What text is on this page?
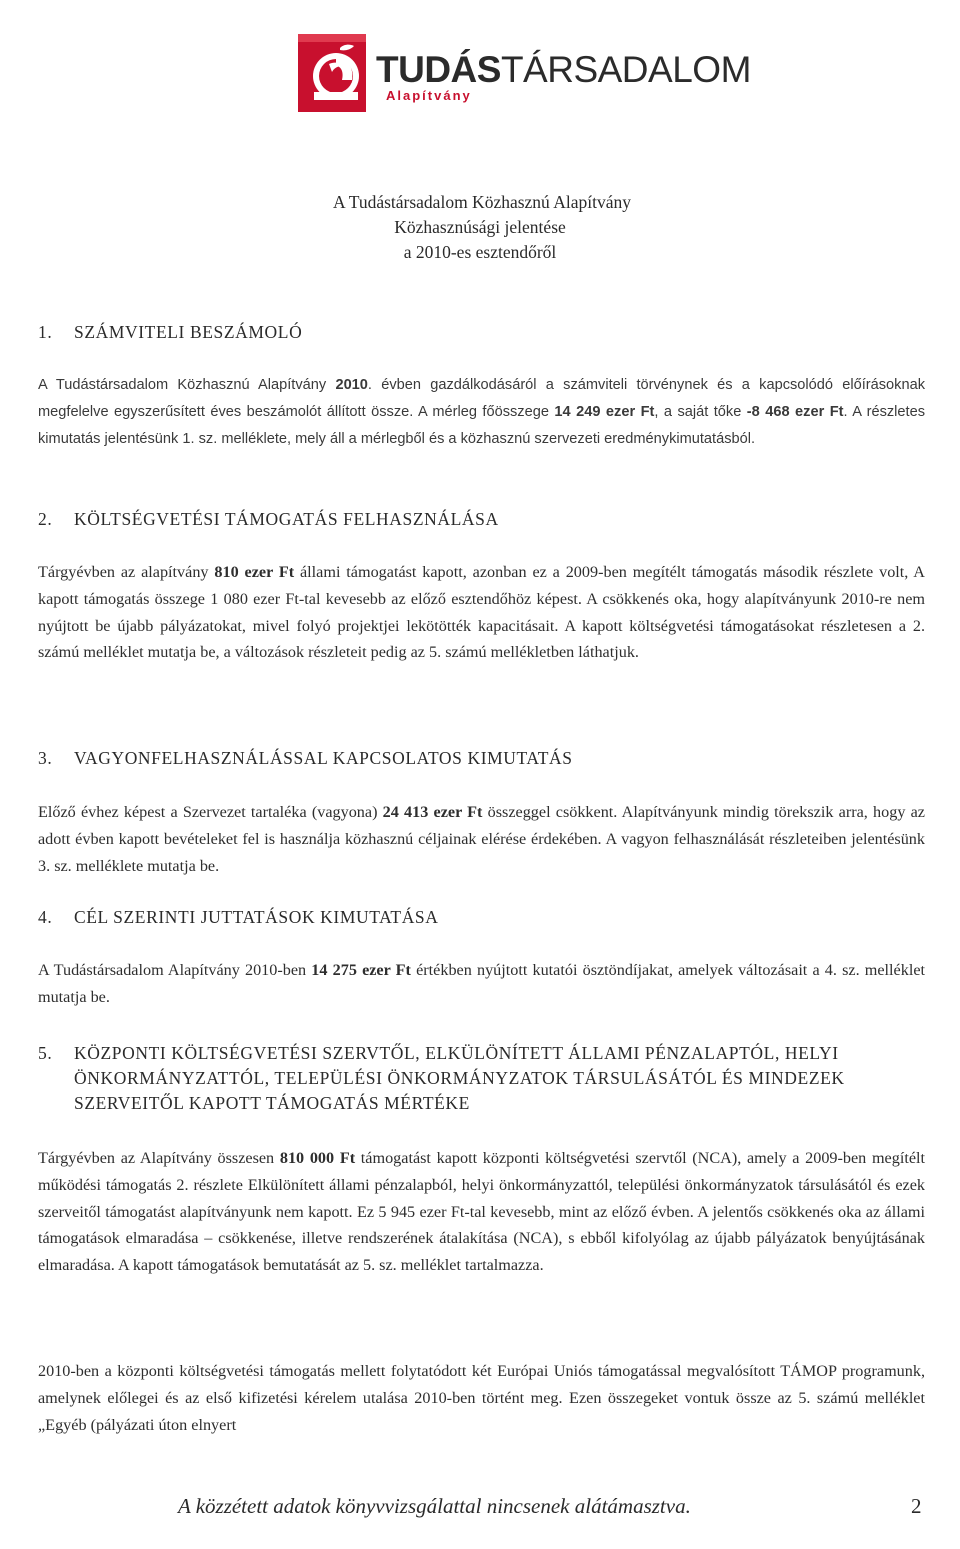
TUDÁSTÁRSADALOM
Alapítvány
A Tudástársadalom Közhasznú Alapítvány
Közhasznúsági jelentése
a 2010-es esztendőről
1.	SZÁMVITELI BESZÁMOLÓ
A Tudástársadalom Közhasznú Alapítvány 2010. évben gazdálkodásáról a számviteli törvénynek és a kapcsolódó előírásoknak megfelelve egyszerűsített éves beszámolót állított össze. A mérleg főösszege 14 249 ezer Ft, a saját tőke -8 468 ezer Ft. A részletes kimutatás jelentésünk 1. sz. melléklete, mely áll a mérlegből és a közhasznú szervezeti eredménykimutatásból.
2.	KÖLTSÉGVETÉSI TÁMOGATÁS FELHASZNÁLÁSA
Tárgyévben az alapítvány 810 ezer Ft állami támogatást kapott, azonban ez a 2009-ben megítélt támogatás második részlete volt, A kapott támogatás összege 1 080 ezer Ft-tal kevesebb az előző esztendőhöz képest. A csökkenés oka, hogy alapítványunk 2010-re nem nyújtott be újabb pályázatokat, mivel folyó projektjei lekötötték kapacitásait. A kapott költségvetési támogatásokat részletesen a 2. számú melléklet mutatja be, a változások részleteit pedig az 5. számú mellékletben láthatjuk.
3.	VAGYONFELHASZNÁLÁSSAL KAPCSOLATOS KIMUTATÁS
Előző évhez képest a Szervezet tartaléka (vagyona) 24 413 ezer Ft összeggel csökkent. Alapítványunk mindig törekszik arra, hogy az adott évben kapott bevételeket fel is használja közhasznú céljainak elérése érdekében. A vagyon felhasználását részleteiben jelentésünk 3. sz. melléklete mutatja be.
4.	CÉL SZERINTI JUTTATÁSOK KIMUTATÁSA
A Tudástársadalom Alapítvány 2010-ben 14 275 ezer Ft értékben nyújtott kutatói ösztöndíjakat, amelyek változásait a 4. sz. melléklet mutatja be.
5.	KÖZPONTI KÖLTSÉGVETÉSI SZERVTŐL, ELKÜLÖNÍTETT ÁLLAMI PÉNZALAPTÓL, HELYI ÖNKORMÁNYZATTÓL, TELEPÜLÉSI ÖNKORMÁNYZATOK TÁRSULÁSÁTÓL ÉS MINDEZEK SZERVEITŐL KAPOTT TÁMOGATÁS MÉRTÉKE
Tárgyévben az Alapítvány összesen 810 000 Ft támogatást kapott központi költségvetési szervtől (NCA), amely a 2009-ben megítélt működési támogatás 2. részlete Elkülönített állami pénzalapból, helyi önkormányzattól, települési önkormányzatok társulásától és ezek szerveitől támogatást alapítványunk nem kapott. Ez 5 945 ezer Ft-tal kevesebb, mint az előző évben. A jelentős csökkenés oka az állami támogatások elmaradása – csökkenése, illetve rendszerének átalakítása (NCA), s ebből kifolyólag az újabb pályázatok benyújtásának elmaradása. A kapott támogatások bemutatását az 5. sz. melléklet tartalmazza.
2010-ben a központi költségvetési támogatás mellett folytatódott két Európai Uniós támogatással megvalósított TÁMOP programunk, amelynek előlegei és az első kifizetési kérelem utalása 2010-ben történt meg. Ezen összegeket vontuk össze az 5. számú melléklet „Egyéb (pályázati úton elnyert
A közzétett adatok könyvvizsgálattal nincsenek alátámasztva.	2
